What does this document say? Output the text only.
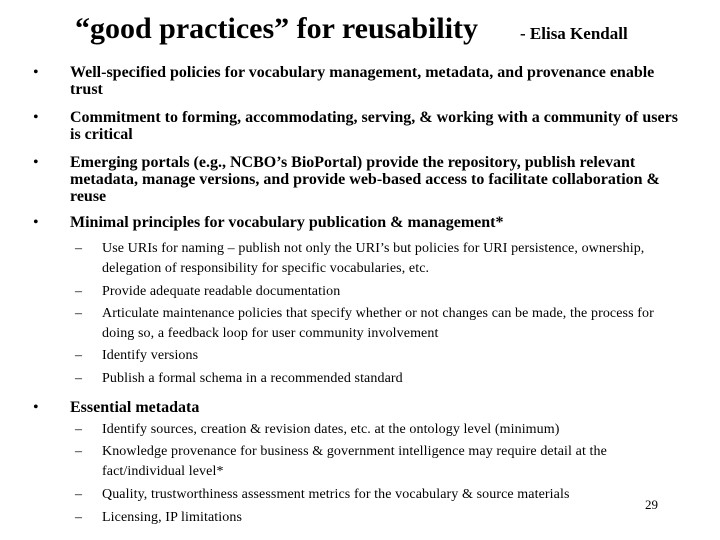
“good practices” for reusability - Elisa Kendall
• Well-specified policies for vocabulary management, metadata, and provenance enable trust
• Commitment to forming, accommodating, serving, & working with a community of users is critical
• Emerging portals (e.g., NCBO’s BioPortal) provide the repository, publish relevant metadata, manage versions, and provide web-based access to facilitate collaboration & reuse
• Minimal principles for vocabulary publication & management*
– Use URIs for naming – publish not only the URI’s but policies for URI persistence, ownership, delegation of responsibility for specific vocabularies, etc.
– Provide adequate readable documentation
– Articulate maintenance policies that specify whether or not changes can be made, the process for doing so, a feedback loop for user community involvement
– Identify versions
– Publish a formal schema in a recommended standard
• Essential metadata
– Identify sources, creation & revision dates, etc. at the ontology level (minimum)
– Knowledge provenance for business & government intelligence may require detail at the fact/individual level*
– Quality, trustworthiness assessment metrics for the vocabulary & source materials
– Licensing, IP limitations
29
